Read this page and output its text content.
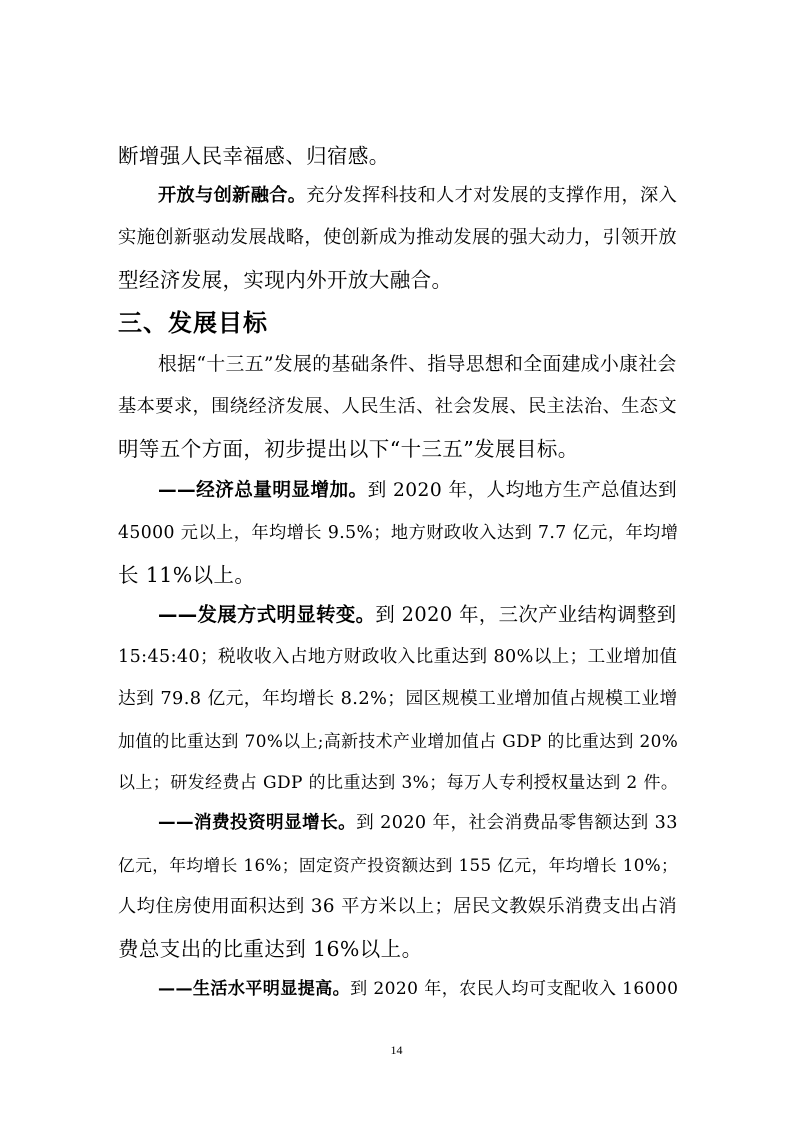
断增强人民幸福感、归宿感。
开放与创新融合。充分发挥科技和人才对发展的支撑作用，深入
实施创新驱动发展战略，使创新成为推动发展的强大动力，引领开放
型经济发展，实现内外开放大融合。
三、发展目标
根据“十三五”发展的基础条件、指导思想和全面建成小康社会
基本要求，围绕经济发展、人民生活、社会发展、民主法治、生态文
明等五个方面，初步提出以下“十三五”发展目标。
——经济总量明显增加。到 2020 年，人均地方生产总值达到
45000 元以上，年均增长 9.5%；地方财政收入达到 7.7 亿元，年均增
长 11%以上。
——发展方式明显转变。到 2020 年，三次产业结构调整到
15:45:40；税收收入占地方财政收入比重达到 80%以上；工业增加值
达到 79.8 亿元，年均增长 8.2%；园区规模工业增加值占规模工业增
加值的比重达到 70%以上;高新技术产业增加值占 GDP 的比重达到 20%
以上；研发经费占 GDP 的比重达到 3%；每万人专利授权量达到 2 件。
——消费投资明显增长。到 2020 年，社会消费品零售额达到 33
亿元，年均增长 16%；固定资产投资额达到 155 亿元，年均增长 10%；
人均住房使用面积达到 36 平方米以上；居民文教娱乐消费支出占消
费总支出的比重达到 16%以上。
——生活水平明显提高。到 2020 年，农民人均可支配收入 16000
14
